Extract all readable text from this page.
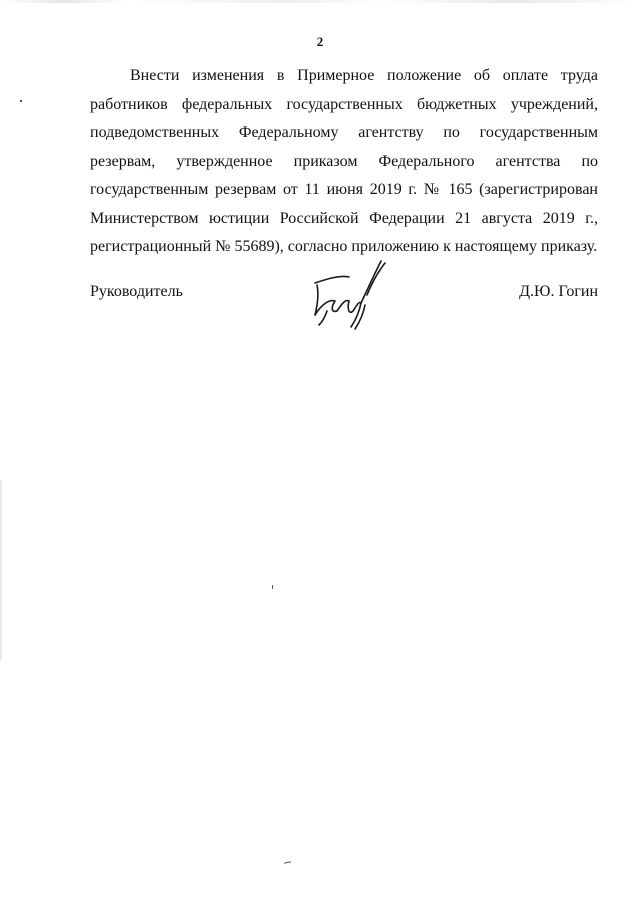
2

Внести изменения в Примерное положение об оплате труда работников федеральных государственных бюджетных учреждений, подведомственных Федеральному агентству по государственным резервам, утвержденное приказом Федерального агентства по государственным резервам от 11 июня 2019 г. № 165 (зарегистрирован Министерством юстиции Российской Федерации 21 августа 2019 г., регистрационный № 55689), согласно приложению к настоящему приказу.

Руководитель	Д.Ю. Гогин
